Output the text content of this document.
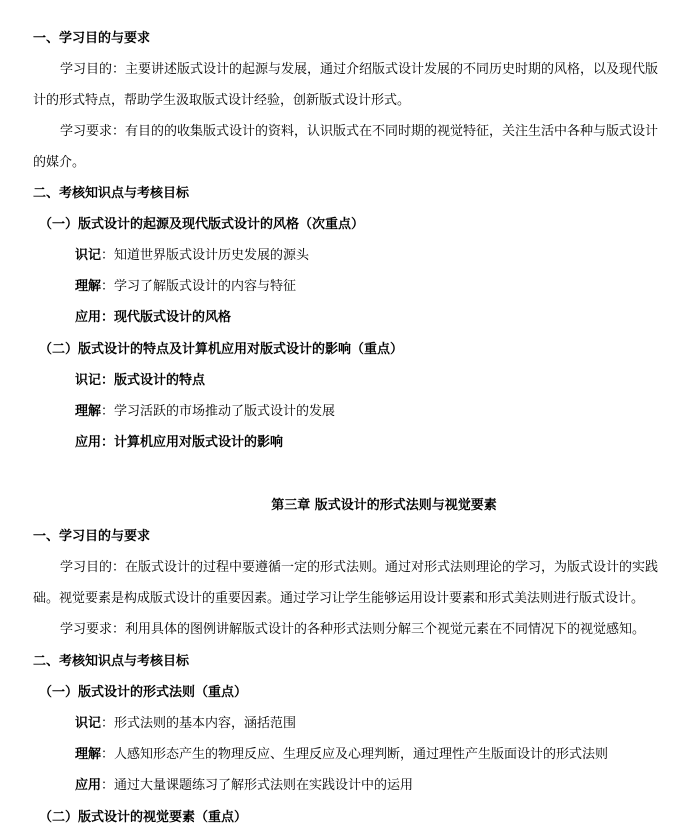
一、学习目的与要求
学习目的：主要讲述版式设计的起源与发展，通过介绍版式设计发展的不同历史时期的风格，以及现代版
计的形式特点，帮助学生汲取版式设计经验，创新版式设计形式。
学习要求：有目的的收集版式设计的资料，认识版式在不同时期的视觉特征，关注生活中各种与版式设计
的媒介。
二、考核知识点与考核目标
（一）版式设计的起源及现代版式设计的风格（次重点）
识记：知道世界版式设计历史发展的源头
理解：学习了解版式设计的内容与特征
应用：现代版式设计的风格
（二）版式设计的特点及计算机应用对版式设计的影响（重点）
识记：版式设计的特点
理解：学习活跃的市场推动了版式设计的发展
应用：计算机应用对版式设计的影响
第三章 版式设计的形式法则与视觉要素
一、学习目的与要求
学习目的：在版式设计的过程中要遵循一定的形式法则。通过对形式法则理论的学习，为版式设计的实践
础。视觉要素是构成版式设计的重要因素。通过学习让学生能够运用设计要素和形式美法则进行版式设计。
学习要求：利用具体的图例讲解版式设计的各种形式法则分解三个视觉元素在不同情况下的视觉感知。
二、考核知识点与考核目标
（一）版式设计的形式法则（重点）
识记：形式法则的基本内容，涵括范围
理解：人感知形态产生的物理反应、生理反应及心理判断，通过理性产生版面设计的形式法则
应用：通过大量课题练习了解形式法则在实践设计中的运用
（二）版式设计的视觉要素（重点）
